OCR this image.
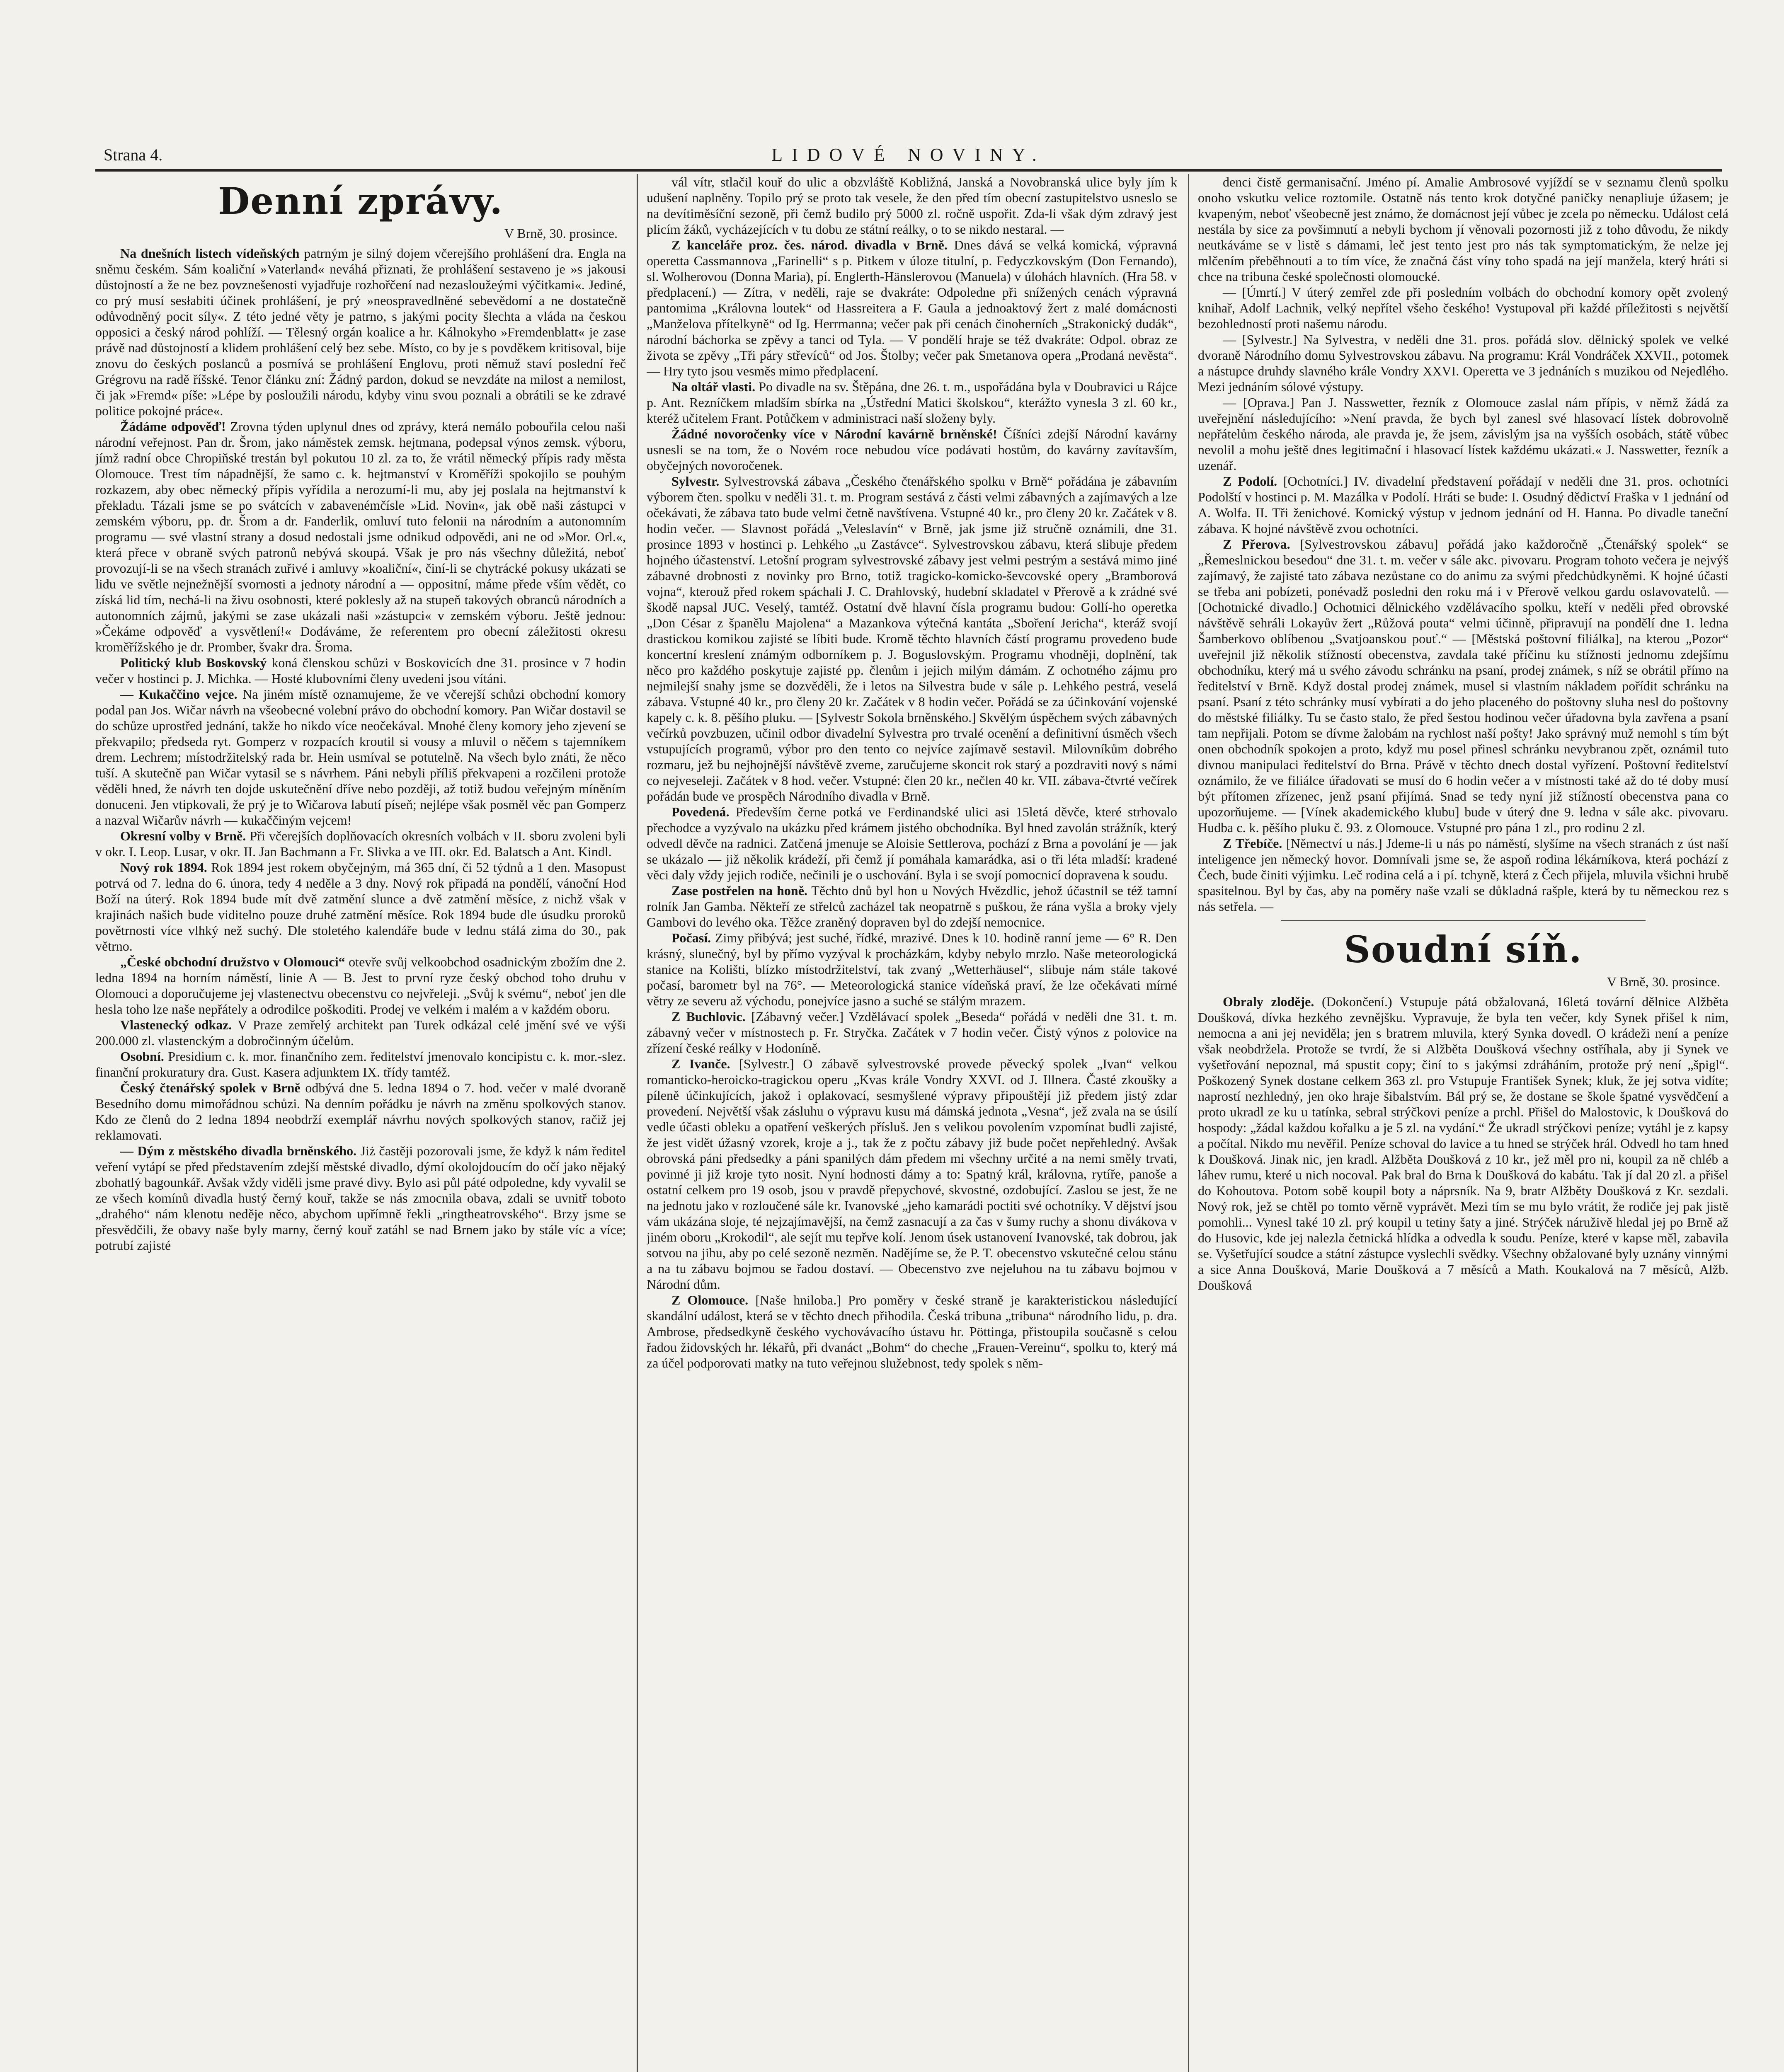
Strana 4.	LIDOVÉ NOVINY.
Denní zprávy.
V Brně, 30. prosince.

Na dnešních listech vídeňských patrným je silný dojem včerejšího prohlášení dra. Engla na sněmu českém. Sám koaliční »Vaterland« neváhá přiznati, že prohlášení sestaveno je »s jakousi důstojností a že ne bez povznešenosti vyjadřuje rozhořčení nad nezasloužeými výčitkami«. Jediné, co prý musí sesłabiti účinek prohlášení, je prý »neospravedlněné sebevědomí a ne dostatečně odůvodněný pocit síly«. Z této jedné věty je patrno, s jakými pocity šlechta a vláda na českou opposici a český národ pohlíží. — Tělesný orgán koalice a hr. Kálnokyho »Fremdenblatt« je zase právě nad důstojností a klidem prohlášení celý bez sebe. Místo, co by je s povděkem kritisoval, bije znovu do českých poslanců a posmívá se prohlášení Englovu, proti němuž staví poslední řeč Grégrovu na radě říšské. Tenor článku zní: Žádný pardon, dokud se nevzdáte na milost a nemilost, či jak »Fremd« píše: »Lépe by posloužili národu, kdyby vinu svou poznali a obrátili se ke zdravé politice pokojné práce«.

Žádáme odpověď! Zrovna týden uplynul dnes od zprávy, která nemálo pobouřila celou naši národní veřejnost. Pan dr. Šrom, jako náměstek zemsk. hejtmana, podepsal výnos zemsk. výboru, jímž radní obce Chropiňské trestán byl pokutou 10 zl. za to, že vrátil německý přípis rady města Olomouce. Trest tím nápadnější, že samo c. k. hejtmanství v Kroměříži spokojilo se pouhým rozkazem, aby obec německý přípis vyřídila a nerozumí-li mu, aby jej poslala na hejtmanství k překladu. Tázali jsme se po svátcích v zabavenémčísle »Lid. Novin«, jak obě naši zástupci v zemském výboru, pp. dr. Šrom a dr. Fanderlik, omluví tuto felonii na národním a autonomním programu — své vlastní strany a dosud nedostali jsme odnikud odpovědi, ani ne od »Mor. Orl.«, která přece v obraně svých patronů nebývá skoupá. Však je pro nás všechny důležitá, neboť provozují-li se na všech stranách zuřivé i amluvy »koaliční«, činí-li se chytrácké pokusy ukázati se lidu ve světle nejnežnější svornosti a jednoty národní a — oppositní, máme přede vším vědět, co získá lid tím, nechá-li na živu osobnosti, které poklesly až na stupeň takových obranců národních a autonomních zájmů, jakými se zase ukázali naši »zástupci« v zemském výboru. Ještě jednou: »Čekáme odpověď a vysvětlení!« Dodáváme, že referentem pro obecní záležitosti okresu kroměřížského je dr. Promber, švakr dra. Šroma.

Politický klub Boskovský koná členskou schůzi v Boskovicích dne 31. prosince v 7 hodin večer v hostinci p. J. Michka. — Hosté klubovními členy uvedeni jsou vítáni.

— Kukaččino vejce. Na jiném místě oznamujeme, že ve včerejší schůzi obchodní komory podal pan Jos. Wičar návrh na všeobecné volební právo do obchodní komory. Pan Wičar dostavil se do schůze uprostřed jednání, takže ho nikdo více neočekával. Mnohé členy komory jeho zjevení se překvapilo; předseda ryt. Gomperz v rozpacích kroutil si vousy a mluvil o něčem s tajemníkem drem. Lechrem; místodržitelský rada br. Hein usmíval se potutelně. Na všech bylo znáti, že něco tuší. A skutečně pan Wičar vytasil se s návrhem. Páni nebyli příliš překvapeni a rozčileni protože věděli hned, že návrh ten dojde uskutečnění dříve nebo později, až totiž budou veřejným míněním donuceni. Jen vtipkovali, že prý je to Wičarova labutí píseň; nejlépe však posměl věc pan Gomperz a nazval Wičarův návrh — kukaččiným vejcem!

Okresní volby v Brně. Při včerejších doplňovacích okresních volbách v II. sboru zvoleni byli v okr. I. Leop. Lusar, v okr. II. Jan Bachmann a Fr. Slivka a ve III. okr. Ed. Balatsch a Ant. Kindl.

Nový rok 1894. Rok 1894 jest rokem obyčejným, má 365 dní, či 52 týdnů a 1 den. Masopust potrvá od 7. ledna do 6. února, tedy 4 neděle a 3 dny. Nový rok připadá na pondělí, vánoční Hod Boží na úterý. Rok 1894 bude mít dvě zatmění slunce a dvě zatmění měsíce, z nichž však v krajinách našich bude viditelno pouze druhé zatmění měsíce. Rok 1894 bude dle úsudku proroků povětrnosti více vlhký než suchý. Dle stoletého kalendáře bude v lednu stálá zima do 30., pak větrno.

„České obchodní družstvo v Olomouci“ otevře svůj velkoobchod osadnickým zbožím dne 2. ledna 1894 na horním náměstí, linie A — B. Jest to první ryze český obchod toho druhu v Olomouci a doporučujeme jej vlastenectvu obecenstvu co nejvřeleji. „Svůj k svému“, neboť jen dle hesla toho lze naše nepřátely a odrodilce poškoditi. Prodej ve velkém i malém a v každém oboru.

Vlastenecký odkaz. V Praze zemřelý architekt pan Turek odkázal celé jmění své ve výši 200.000 zl. vlastenckým a dobročinným účelům.

Osobní. Presidium c. k. mor. finančního zem. ředitelství jmenovalo koncipistu c. k. mor.-slez. finanční prokuratury dra. Gust. Kasera adjunktem IX. třídy tamtéž.

Český čtenářský spolek v Brně odbývá dne 5. ledna 1894 o 7. hod. večer v malé dvoraně Besedního domu mimořádnou schůzi. Na denním pořádku je návrh na změnu spolkových stanov. Kdo ze členů do 2 ledna 1894 neobdrží exemplář návrhu nových spolkových stanov, račiž jej reklamovati.

— Dým z městského divadla brněnského. Jiż častěji pozorovali jsme, že když k nám ředitel veření vytápí se před představením zdejší městské divadlo, dýmí okolojdoucím do očí jako nějaký zbohatlý bagounkář. Avšak vždy viděli jsme pravé divy. Bylo asi půl páté odpoledne, kdy vyvalil se ze všech komínů divadla hustý černý kouř, takže se nás zmocnila obava, zdali se uvnitř toboto „drahého“ nám klenotu neděje něco, abychom upřímně řekli „ringtheatrovského“. Brzy jsme se přesvědčili, že obavy naše byly marny, černý kouř zatáhl se nad Brnem jako by stále víc a více; potrubí zajisté

vál vítr, stlačil kouř do ulic a obzvláště Kobližná, Janská a Novobranská ulice byly jím k udušení naplněny. Topilo prý se proto tak vesele, že den před tím obecní zastupitelstvo usneslo se na devítiměsíční sezoně, při čemž budilo prý 5000 zl. ročně uspořit. Zda-li však dým zdravý jest plicím žáků, vycházejících v tu dobu ze státní reálky, o to se nikdo nestaral. —

Z kanceláře proz. čes. národ. divadla v Brně. Dnes dává se velká komická, výpravná operetta Cassmannova „Farinelli“ s p. Pitkem v úloze titulní, p. Fedyczkovským (Don Fernando), sl. Wolherovou (Donna Maria), pí. Englerth-Hänslerovou (Manuela) v úlohách hlavních. (Hra 58. v předplacení.) — Zítra, v neděli, raje se dvakráte: Odpoledne při snížených cenách výpravná pantomima „Královna loutek“ od Hassreitera a F. Gaula a jednoaktový žert z malé domácnosti „Manželova přítelkyně“ od Ig. Herrmanna; večer pak při cenách činoherních „Strakonický dudák“, národní báchorka se zpěvy a tanci od Tyla. — V pondělí hraje se též dvakráte: Odpol. obraz ze života se zpěvy „Tři páry střevíců“ od Jos. Štolby; večer pak Smetanova opera „Prodaná nevěsta“. — Hry tyto jsou vesměs mimo předplacení.

Na oltář vlasti. Po divadle na sv. Štěpána, dne 26. t. m., uspořádána byla v Doubravici u Rájce p. Ant. Rezníčkem mladším sbírka na „Ústřední Matici školskou“, kterážto vynesla 3 zl. 60 kr., kteréž učitelem Frant. Potůčkem v administraci naší složeny byly.

Žádné novoročenky více v Národní kavárně brněnské! Číšníci zdejší Národní kavárny usnesli se na tom, že o Novém roce nebudou více podávati hostům, do kavárny zavítavším, obyčejných novoročenek.

Sylvestr. Sylvestrovská zábava „Českého čtenářského spolku v Brně“ pořádána je zábavním výborem čten. spolku v neděli 31. t. m. Program sestává z části velmi zábavných a zajímavých a lze očekávati, že zábava tato bude velmi četně navštívena. Vstupné 40 kr., pro členy 20 kr. Začátek v 8. hodin večer. — Slavnost pořádá „Veleslavín“ v Brně, jak jsme již stručně oznámili, dne 31. prosince 1893 v hostinci p. Lehkého „u Zastávce“. Sylvestrovskou zábavu, která slibuje předem hojného účastenství. Letošní program sylvestrovské zábavy jest velmi pestrým a sestává mimo jiné zábavné drobnosti z novinky pro Brno, totiž tragicko-komicko-ševcovské opery „Bramborová vojna“, kterouž před rokem spáchali J. C. Drahlovský, hudební skladatel v Přerově a k zrádné své škodě napsal JUC. Veselý, tamtéž. Ostatní dvě hlavní čísla programu budou: Gollí-ho operetka „Don César z španělu Majolena“ a Mazankova výtečná kantáta „Sboření Jericha“, kteráž svojí drastickou komikou zajisté se líbiti bude. Kromě těchto hlavních částí programu provedeno bude koncertní kreslení známým odborníkem p. J. Boguslovským. Programu vhodněji, doplnění, tak něco pro každého poskytuje zajisté pp. členům i jejich milým dámám. Z ochotného zájmu pro nejmilejší snahy jsme se dozvěděli, že i letos na Silvestra bude v sále p. Lehkého pestrá, veselá zábava. Vstupné 40 kr., pro členy 20 kr. Začátek v 8 hodin večer. Pořádá se za účinkování vojenské kapely c. k. 8. pěšího pluku. — [Sylvestr Sokola brněnského.] Skvělým úspěchem svých zábavných večírků povzbuzen, učinil odbor divadelní Sylvestra pro trvalé ocenění a definitivní úsměch všech vstupujících programů, výbor pro den tento co nejvíce zajímavě sestavil. Milovníkům dobrého rozmaru, jež bu nejhojnější návštěvě zveme, zaručujeme skoncit rok starý a pozdraviti nový s námi co nejveseleji. Začátek v 8 hod. večer. Vstupné: člen 20 kr., nečlen 40 kr. VII. zábava-čtvrté večírek pořádán bude ve prospěch Národního divadla v Brně.

Povedená. Především černe potká ve Ferdinandské ulici asi 15letá děvče, které strhovalo přechodce a vyzývalo na ukázku před krámem jistého obchodníka. Byl hned zavolán strážník, který odvedl děvče na radnici. Zatčená jmenuje se Aloisie Settlerova, pochází z Brna a povolání je — jak se ukázalo — již několik krádeží, při čemž jí pomáhala kamarádka, asi o tři léta mladší: kradené věci daly vždy jejich rodiče, nečinili je o uschování. Byla i se svojí pomocnicí dopravena k soudu.

Zase postřelen na honě. Těchto dnů byl hon u Nových Hvězdlic, jehož účastnil se též tamní rolník Jan Gamba. Někteří ze střelců zacházel tak neopatrně s puškou, že rána vyšla a broky vjely Gambovi do levého oka. Těžce zraněný dopraven byl do zdejší nemocnice.

Počasí. Zimy přibývá; jest suché, řídké, mrazivé. Dnes k 10. hodině ranní jeme — 6° R. Den krásný, slunečný, byl by přímo vyzýval k procházkám, kdyby nebylo mrzlo. Naše meteorologická stanice na Kolišti, blízko místodržitelství, tak zvaný „Wetterhäusel“, slibuje nám stále takové počasí, barometr byl na 76°. — Meteorologická stanice vídeňská praví, že lze očekávati mírné větry ze severu až východu, ponejvíce jasno a suché se stálým mrazem.

Z Buchlovic. [Zábavný večer.] Vzdělávací spolek „Beseda“ pořádá v neděli dne 31. t. m. zábavný večer v místnostech p. Fr. Stryčka. Začátek v 7 hodin večer. Čistý výnos z polovice na zřízení české reálky v Hodoníně.

Z Ivanče. [Sylvestr.] O zábavě sylvestrovské provede pěvecký spolek „Ivan“ velkou romanticko-heroicko-tragickou operu „Kvas krále Vondry XXVI. od J. Illnera. Časté zkoušky a píleně účinkujících, jakož i oplakovací, sesmyšlené výpravy připouštějí již předem jistý zdar provedení. Největší však zásluhu o výpravu kusu má dámská jednota „Vesna“, jež zvala na se úsilí vedle účasti obleku a opatření veškerých přísluš. Jen s velikou povolením vzpomínat budli zajisté, že jest vidět úžasný vzorek, kroje a j., tak že z počtu zábavy již bude počet nepřehledný. Avšak obrovská páni předsedky a páni spanilých dám předem mi všechny určité a na nemi směly trvati, povinné ji již kroje tyto nosit. Nyní hodnosti dámy a to: Spatný král, královna, rytíře, panoše a ostatní celkem pro 19 osob, jsou v pravdě přepychové, skvostné, ozdobující. Zaslou se jest, že ne na jednotu jako v rozloučené sále kr. Ivanovské „jeho kamarádi poctiti své ochotníky. V dějství jsou vám ukázána sloje, té nejzajímavější, na čemž zasnacují a za čas v šumy ruchy a shonu divákova v jiném oboru „Krokodil“, ale sejít mu tepřve kolí. Jenom úsek ustanovení Ivanovské, tak dobrou, jak sotvou na jihu, aby po celé sezoně nezměn. Nadějíme se, že P. T. obecenstvo vskutečné celou stánu a na tu zábavu bojmou se řadou dostaví. — Obecenstvo zve nejeluhou na tu zábavu bojmou v Národní dům.

Z Olomouce. [Naše hniloba.] Pro poměry v české straně je karakteristickou následující skandální událost, která se v těchto dnech přihodila. Česká tribuna „tribuna“ národního lidu, p. dra. Ambrose, předsedkyně českého vychovávacího ústavu hr. Pöttinga, přistoupila současně s celou řadou židovských hr. lékařů, při dvanáct „Bohm“ do cheche „Frauen-Vereinu“, spolku to, který má za účel podporovati matky na tuto veřejnou služebnost, tedy spolek s něm-

denci čistě germanisační. Jméno pí. Amalie Ambrosové vyjíždí se v seznamu členů spolku onoho vskutku velice roztomile. Ostatně nás tento krok dotyčné paničky nenapliuje úžasem; je kvapeným, neboť všeobecně jest známo, že domácnost její vůbec je zcela po německu. Událost celá nestála by sice za povšimnutí a nebyli bychom jí věnovali pozornosti již z toho důvodu, že nikdy neutkáváme se v listě s dámami, leč jest tento jest pro nás tak symptomatickým, že nelze jej mlčením přeběhnouti a to tím více, že značná část víny toho spadá na její manžela, který hráti si chce na tribuna české společnosti olomoucké.

— [Úmrtí.] V úterý zemřel zde při posledním volbách do obchodní komory opět zvolený knihař, Adolf Lachnik, velký nepřítel všeho českého! Vystupoval při každé příležitosti s největší bezohledností proti našemu národu.

— [Sylvestr.] Na Sylvestra, v neděli dne 31. pros. pořádá slov. dělnický spolek ve velké dvoraně Národního domu Sylvestrovskou zábavu. Na programu: Král Vondráček XXVII., potomek a nástupce druhdy slavného krále Vondry XXVI. Operetta ve 3 jednáních s muzikou od Nejedlého. Mezi jednáním sólové výstupy.

— [Oprava.] Pan J. Nasswetter, řezník z Olomouce zaslal nám přípis, v němž žádá za uveřejnění následujícího: »Není pravda, že bych byl zanesl své hlasovací lístek dobrovolně nepřátelům českého národa, ale pravda je, že jsem, závislým jsa na vyšších osobách, státě vůbec nevolil a mohu ještě dnes legitimační i hlasovací lístek každému ukázati.« J. Nasswetter, řezník a uzenář.

Z Podolí. [Ochotníci.] IV. divadelní představení pořádají v neděli dne 31. pros. ochotníci Podolští v hostinci p. M. Mazálka v Podolí. Hráti se bude: I. Osudný dědictví Fraška v 1 jednání od A. Wolfa. II. Tři ženichové. Komický výstup v jednom jednání od H. Hanna. Po divadle taneční zábava. K hojné návštěvě zvou ochotníci.

Z Přerova. [Sylvestrovskou zábavu] pořádá jako každoročně „Čtenářský spolek“ se „Řemeslnickou besedou“ dne 31. t. m. večer v sále akc. pivovaru. Program tohoto večera je nejvýš zajímavý, že zajisté tato zábava nezůstane co do animu za svými předchůdkyněmi. K hojné účasti se třeba ani pobízeti, ponévadž posledni den roku má i v Přerově velkou gardu oslavovatelů. — [Ochotnické divadlo.] Ochotnici dělnického vzdělávacího spolku, kteří v neděli před obrovské návštěvě sehráli Lokayův žert „Růžová pouta“ velmi účinně, připravují na pondělí dne 1. ledna Šamberkovo oblíbenou „Svatjoanskou pouť.“ — [Městská poštovní filiálka], na kterou „Pozor“ uveřejnil již několik stížností obecenstva, zavdala také příčinu ku stížnosti jednomu zdejšímu obchodníku, který má u svého závodu schránku na psaní, prodej známek, s níž se obrátil přímo na ředitelství v Brně. Když dostal prodej známek, musel si vlastním nákladem pořídit schránku na psaní. Psaní z této schránky musí vybírati a do jeho placeného do poštovny sluha nesl do poštovny do městské filiálky. Tu se často stalo, že před šestou hodinou večer úřadovna byla zavřena a psaní tam nepřijali. Potom se dívme žalobám na rychlost naší pošty! Jako správný muž nemohl s tím být onen obchodník spokojen a proto, když mu posel přinesl schránku nevybranou zpět, oznámil tuto divnou manipulaci ředitelství do Brna. Právě v těchto dnech dostal vyřízení. Poštovní ředitelství oznámilo, že ve filiálce úřadovati se musí do 6 hodin večer a v místnosti také až do té doby musí být přítomen zřízenec, jenž psaní přijímá. Snad se tedy nyní již stížností obecenstva pana co upozorňujeme. — [Vínek akademického klubu] bude v úterý dne 9. ledna v sále akc. pivovaru. Hudba c. k. pěšího pluku č. 93. z Olomouce. Vstupné pro pána 1 zl., pro rodinu 2 zl.

Z Třebíče. [Němectví u nás.] Jdeme-li u nás po náměstí, slyšíme na všech stranách z úst naší inteligence jen německý hovor. Domnívali jsme se, že aspoň rodina lékárníkova, která pochází z Čech, bude činiti výjimku. Leč rodina celá a i pí. tchyně, která z Čech přijela, mluvila všichni hrubě spasitelnou. Byl by čas, aby na poměry naše vzali se důkladná rašple, která by tu německou rez s nás setřela. —

Soudní síň.
V Brně, 30. prosince.

Obraly zloděje. (Dokončení.) Vstupuje pátá obžalovaná, 16letá tovární dělnice Alžběta Doušková, dívka hezkého zevnějšku. Vypravuje, že byla ten večer, kdy Synek přišel k nim, nemocna a ani jej neviděla; jen s bratrem mluvila, který Synka dovedl. O krádeži není a peníze však neobdržela. Protože se tvrdí, že si Alžběta Doušková všechny ostříhala, aby ji Synek ve vyšetřování nepoznal, má spustit copy; činí to s jakýmsi zdráháním, protože prý není „špigl“. Poškozený Synek dostane celkem 363 zl. pro Vstupuje František Synek; kluk, že jej sotva vidíte; naprostí nezhledný, jen oko hraje šibalstvím. Bál prý se, že dostane se škole špatné vysvědčení a proto ukradl ze ku u tatínka, sebral strýčkovi peníze a prchl. Přišel do Malostovic, k Doušková do hospody: „žádal každou kořalku a je 5 zl. na vydání.“ Že ukradl strýčkovi peníze; vytáhl je z kapsy a počítal. Nikdo mu nevěřil. Peníze schoval do lavice a tu hned se strýček hrál. Odvedl ho tam hned k Doušková. Jinak nic, jen kradl. Alžběta Doušková z 10 kr., jež měl pro ni, koupil za ně chléb a láhev rumu, které u nich nocoval. Pak bral do Brna k Doušková do kabátu. Tak jí dal 20 zl. a přišel do Kohoutova. Potom sobě koupil boty a náprsník. Na 9, bratr Alžběty Doušková z Kr. sezdali. Nový rok, jež se chtěl po tomto věrně vyprávět. Mezi tím se mu bylo vrátit, že rodiče jej pak jistě pomohli... Vynesl také 10 zl. prý koupil u tetiny šaty a jiné. Strýček náruživě hledal jej po Brně až do Husovic, kde jej nalezla četnická hlídka a odvedla k soudu. Peníze, které v kapse měl, zabavila se. Vyšetřující soudce a státní zástupce vyslechli svědky. Všechny obžalované byly uznány vinnými a sice Anna Doušková, Marie Doušková a 7 měsíců a Math. Koukalová na 7 měsíců, Alžb. Doušková
